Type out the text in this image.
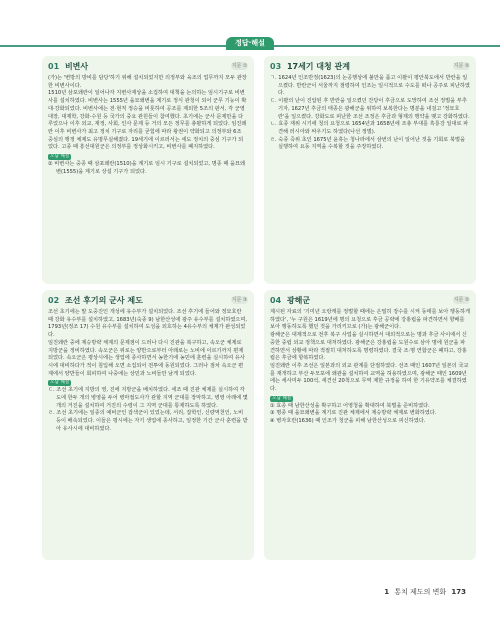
정답·해설
01 비변사	지문 ①

(가)는 '변방의 방비를 담당'하기 위해 설치되었지만 의정부와 육조의 업무까지 모두 관장한 비변사이다.

1510년 삼포왜란이 일어나자 지변사재상을 소집하여 대책을 논의하는 임시기구로 비변사를 설치하였다. 비변사는 1555년 을묘왜변을 계기로 정식 관청이 되어 군무 기능이 확대·강화되었다. 비변사에는 전·현직 정승을 비롯하여 공조를 제외한 5조의 판서, 각 군영 대장, 대제학, 강화·수원 등 국가의 중요 관원들이 참여했다. 초기에는 군사 문제만을 다루었으나 이후 외교, 재정, 사회, 인사 문제 등 거의 모든 정무를 총괄하게 되었다. 임진왜란 이후 비변사가 최고 정치 기구로 자리를 굳힘에 따라 왕권이 약화되고 의정부와 6조 중심의 행정 체제도 유명무실해졌다. 19세기에 이르러서는 세도 정치의 중심 기구가 되었다. 고종 때 흥선대원군은 의정부를 정상화시키고, 비변사를 폐지하였다.

오답 해설

② 비변사는 중종 때 삼포왜란(1510)을 계기로 임시 기구로 설치되었고, 명종 때 을묘왜변(1555)을 계기로 상설 기구가 되었다.

03 17세기 대청 관계	지문 ②

ㄱ. 1624년 인조반정(1623)의 논공행상에 불만을 품고 이괄이 평안북도에서 반란을 일으켰다. 반란군이 서울까지 점령하여 인조는 일시적으로 수도를 떠나 공주로 피난하였다.

ㄷ. 이괄의 난이 진압된 후 반란을 일으켰던 잔당이 후금으로 도망하여 조선 정벌을 부추기자, 1627년 후금의 태종은 광해군을 위하여 보복한다는 명분을 내걸고 '정묘호란'을 일으켰다. 강화도로 피난한 조선 조정은 후금과 형제의 맹약을 맺고 강화하였다.

ㄴ. 효종 재위 시기에 청의 요청으로 1654년과 1658년에 조총 부대를 흑룡강 일대로 파견해 러시아와 싸우기도 하였다(나선 정벌).

ㄹ. 숙종 즉위 초인 1675년 윤휴는 청나라에서 삼번의 난이 일어난 것을 기회로 북벌을 실행하여 요동 지역을 수복할 것을 주장하였다.

02 조선 후기의 군사 제도	지문 ③

조선 초기에는 말 도중진인 개성에 유수부가 설치되었다. 조선 후기에 들어와 정묘호란 때 강화 유수부를 설치하였고, 1683년(숙종 9) 남한산성에 광주 유수부를 설치하였으며, 1793년(정조 17) 수원 유수부를 설치하여 도성을 외호하는 4유수부의 체제가 완성되었다.

임진왜란 중에 제승방략 체제의 문제점이 드러나 다시 진관을 복구하고, 속오군 체제로 지방군을 정비하였다. 속오군은 위로는 양반으로부터 아래로는 노비에 이르기까지 편제되었다. 속오군은 평상시에는 생업에 종사하면서 농한기에 농민에 훈련을 실시하여 유사시에 대비하다가 적이 침입해 오면 소집되어 전투에 동원되었다. 그러나 점차 속오군 편제에서 양반들이 회피하여 나중에는 상민과 노비들만 남게 되었다.

오답 해설

ㄷ. 조선 초기에 지방의 영, 진에 지방군을 배치하였다. 세조 때 진관 체제를 실시하여 각 도에 한두 개의 병영을 두어 병마절도사가 관할 지역 군대를 장악하고, 병영 아래에 몇 개의 거진을 설치하여 거진의 수령이 그 지역 군대를 통제하도록 하였다.

ㄹ. 조선 초기에는 일종의 예비군인 잡색군이 있었는데, 서리, 잡학인, 신량역천인, 노비 등이 배속되었다. 이들은 평시에는 자기 생업에 종사하고, 일정한 기간 군사 훈련을 받아 유사시에 대비하였다.

04 광해군	지문 ②

제시된 자료의 '기미년 오랑캐를 정벌할 때에는 은밀히 장수를 시켜 동태를 보아 행동하게 하였다', '누 구원은 1619년에 명의 요청으로 후금 공략에 강홍립을 파견하면서 향배를 보아 행동하도록 했던 것을 가리키므로 (가)는 광해군이다.

광해군은 대제적으로 전후 복구 사업을 실시하면서 대외적으로는 명과 후금 사이에서 신중한 중립 외교 정책으로 대처하였다. 광해군은 강홍립을 도원수로 삼아 명에 원군을 파견하면서 상황에 따라 적절히 대처하도록 명령하였다. 결국 조·명 연합군은 패하고, 강홍립은 후금에 항복하였다.

임진왜란 이후 조선은 일본과의 외교 관계를 단절하였다. 선조 때인 1607년 일본의 국교를 재개하고 부산 두모포에 왜관을 설치하여 교역을 허용하였으며, 광해군 때인 1609년에는 세사미두 100석, 세견선 20척으로 무역 제한 규정을 하여 한 기유약조를 체결하였다.

오답 해설

① 효종 때 남한산성을 확구하고 어영청을 확대하여 북벌을 준비하였다.

③ 명종 때 을묘왜변을 계기로 진관 체제에서 제승방략 체제로 변화하였다.

④ 병자호란(1636) 때 인조가 청군을 피해 남한산성으로 피신하였다.

1 통치 제도의 변화 173
